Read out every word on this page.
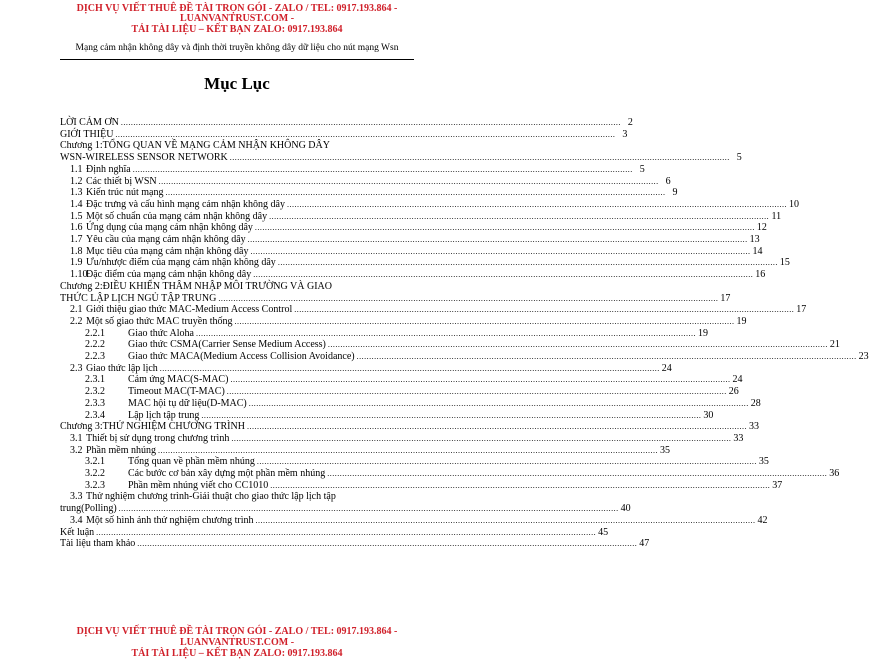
DỊCH VỤ VIẾT THUÊ ĐỀ TÀI TRỌN GÓI - ZALO / TEL: 0917.193.864 -
LUANVANTRUST.COM -
TẢI TÀI LIỆU – KẾT BẠN ZALO: 0917.193.864
Mạng cảm nhận không dây và định thời truyền không dây dữ liệu cho nút mạng Wsn
Mục Lục
LỜI CẢM ƠN ........................................................................................................................................................................................................ 2
GIỚI THIỆU ........................................................................................................................................................................................................ 3
Chương 1:TỔNG QUAN VỀ MẠNG CẢM NHẬN KHÔNG DÂY
WSN-WIRELESS SENSOR NETWORK ........................................................................................................................................................................................................ 5
1.1 Định nghĩa ........................................................................................................................................................................................................ 5
1.2 Các thiết bị WSN ........................................................................................................................................................................................................ 6
1.3 Kiến trúc nút mạng ........................................................................................................................................................................................................ 9
1.4 Đặc trưng và cấu hình mạng cảm nhận không dây ........................................................................................................................................................................................................ 10
1.5 Một số chuẩn của mạng cảm nhận không dây ........................................................................................................................................................................................................ 11
1.6 Ứng dụng của mạng cảm nhận không dây ........................................................................................................................................................................................................ 12
1.7 Yêu cầu của mạng cảm nhận không dây ........................................................................................................................................................................................................ 13
1.8 Mục tiêu của mạng cảm nhận không dây ........................................................................................................................................................................................................ 14
1.9 Ưu/nhược điểm của mạng cảm nhận không dây ........................................................................................................................................................................................................ 15
1.10
Đặc điểm của mạng cảm nhận không dây ........................................................................................................................................................................................................ 16
Chương 2:ĐIỀU KHIỂN THÂM NHẬP MÔI TRƯỜNG VÀ GIAO
THỨC LẬP LỊCH NGỦ TẬP TRUNG ........................................................................................................................................................................................................ 17
2.1 Giới thiệu giao thức MAC-Medium Access Control ........................................................................................................................................................................................................ 17
2.2 Một số giao thức MAC truyền thống ........................................................................................................................................................................................................ 19
2.2.1	Giao thức Aloha ........................................................................................................................................................................................................ 19
2.2.2	Giao thức CSMA(Carrier Sense Medium Access) ........................................................................................................................................................................................................ 21
2.2.3	Giao thức MACA(Medium Access Collision Avoidance) ........................................................................................................................................................................................................ 23
2.3 Giao thức lập lịch ........................................................................................................................................................................................................ 24
2.3.1	Cảm ứng MAC(S-MAC) ........................................................................................................................................................................................................ 24
2.3.2	Timeout MAC(T-MAC) ........................................................................................................................................................................................................ 26
2.3.3	MAC hội tụ dữ liệu(D-MAC) ........................................................................................................................................................................................................ 28
2.3.4	Lập lịch tập trung ........................................................................................................................................................................................................ 30
Chương 3:THỬ NGHIỆM CHƯƠNG TRÌNH ........................................................................................................................................................................................................ 33
3.1 Thiết bị sử dụng trong chương trình ........................................................................................................................................................................................................ 33
3.2 Phần mềm nhúng ........................................................................................................................................................................................................ 35
3.2.1	Tổng quan về phần mềm nhúng ........................................................................................................................................................................................................ 35
3.2.2	Các bước cơ bản xây dựng một phần mềm nhúng ........................................................................................................................................................................................................ 36
3.2.3	Phần mềm nhúng viết cho CC1010 ........................................................................................................................................................................................................ 37
3.3 Thử nghiệm chương trình-Giải thuật cho giao thức lập lịch tập
trung(Polling) ........................................................................................................................................................................................................ 40
3.4 Một số hình ảnh thử nghiệm chương trình ........................................................................................................................................................................................................ 42
Kết luận ........................................................................................................................................................................................................ 45
Tài liệu tham khảo ........................................................................................................................................................................................................ 47
DỊCH VỤ VIẾT THUÊ ĐỀ TÀI TRỌN GÓI - ZALO / TEL: 0917.193.864 -
LUANVANTRUST.COM -
TẢI TÀI LIỆU – KẾT BẠN ZALO: 0917.193.864
